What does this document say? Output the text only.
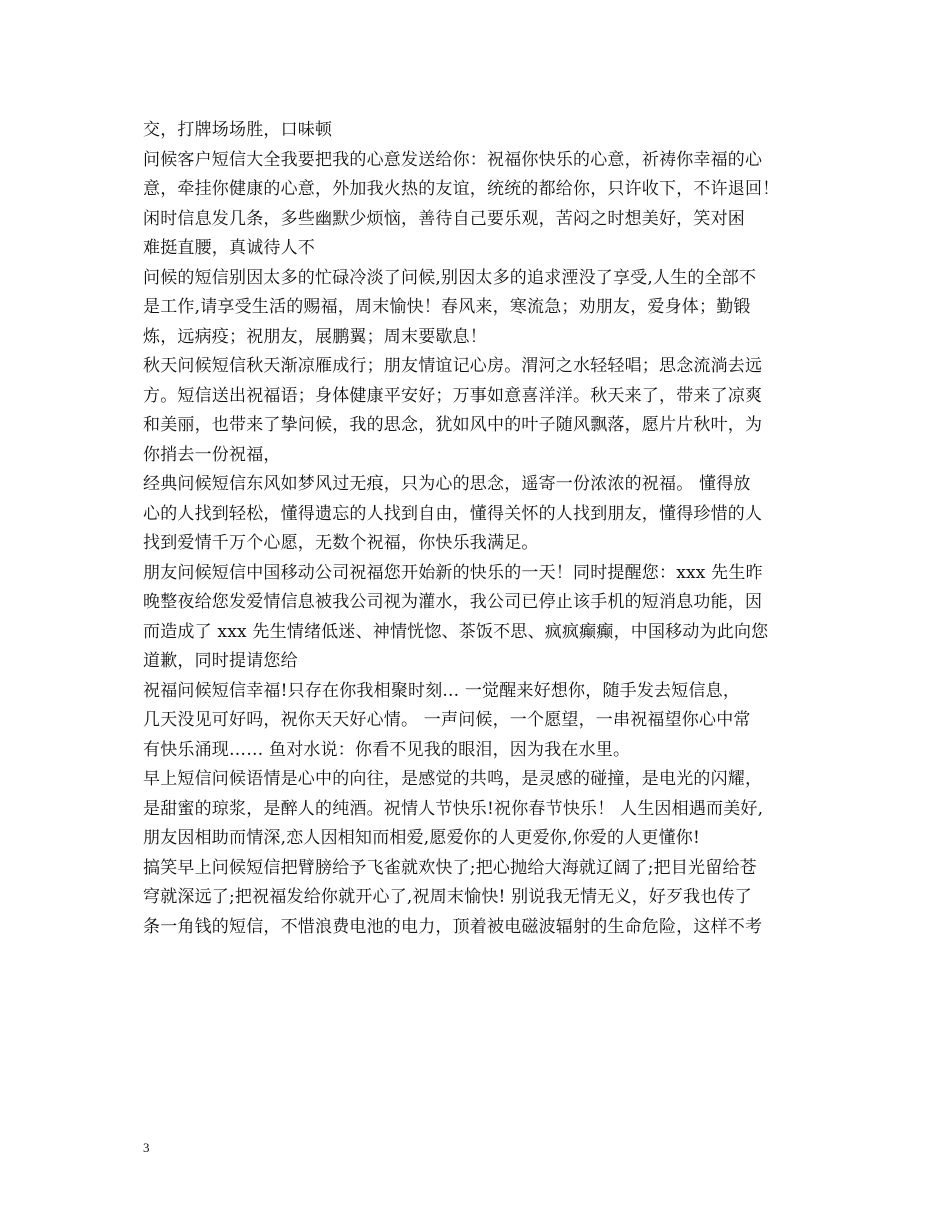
交，打牌场场胜，口味顿
问候客户短信大全我要把我的心意发送给你：祝福你快乐的心意，祈祷你幸福的心
意，牵挂你健康的心意，外加我火热的友谊，统统的都给你，只许收下，不许退回！
闲时信息发几条，多些幽默少烦恼，善待自己要乐观，苦闷之时想美好，笑对困
难挺直腰，真诚待人不
问候的短信别因太多的忙碌冷淡了问候,别因太多的追求湮没了享受,人生的全部不
是工作,请享受生活的赐福，周末愉快！春风来，寒流急；劝朋友，爱身体；勤锻
炼，远病疫；祝朋友，展鹏翼；周末要歇息！
秋天问候短信秋天渐凉雁成行；朋友情谊记心房。渭河之水轻轻唱；思念流淌去远
方。短信送出祝福语；身体健康平安好；万事如意喜洋洋。秋天来了，带来了凉爽
和美丽，也带来了挚问候，我的思念，犹如风中的叶子随风飘落，愿片片秋叶，为
你捎去一份祝福，
经典问候短信东风如梦风过无痕，只为心的思念，遥寄一份浓浓的祝福。 懂得放
心的人找到轻松，懂得遗忘的人找到自由，懂得关怀的人找到朋友，懂得珍惜的人
找到爱情千万个心愿，无数个祝福，你快乐我满足。
朋友问候短信中国移动公司祝福您开始新的快乐的一天！同时提醒您：xxx 先生昨
晚整夜给您发爱情信息被我公司视为灌水，我公司已停止该手机的短消息功能，因
而造成了 xxx 先生情绪低迷、神情恍惚、茶饭不思、疯疯癫癫，中国移动为此向您
道歉，同时提请您给
祝福问候短信幸福!只存在你我相聚时刻... 一觉醒来好想你，随手发去短信息，
几天没见可好吗，祝你天天好心情。 一声问候，一个愿望，一串祝福望你心中常
有快乐涌现…… 鱼对水说：你看不见我的眼泪，因为我在水里。
早上短信问候语情是心中的向往，是感觉的共鸣，是灵感的碰撞，是电光的闪耀，
是甜蜜的琼浆，是醉人的纯酒。祝情人节快乐!祝你春节快乐！ 人生因相遇而美好,
朋友因相助而情深,恋人因相知而相爱,愿爱你的人更爱你,你爱的人更懂你!
搞笑早上问候短信把臂膀给予飞雀就欢快了;把心抛给大海就辽阔了;把目光留给苍
穹就深远了;把祝福发给你就开心了,祝周末愉快! 别说我无情无义，好歹我也传了
条一角钱的短信，不惜浪费电池的电力，顶着被电磁波辐射的生命危险，这样不考
3
